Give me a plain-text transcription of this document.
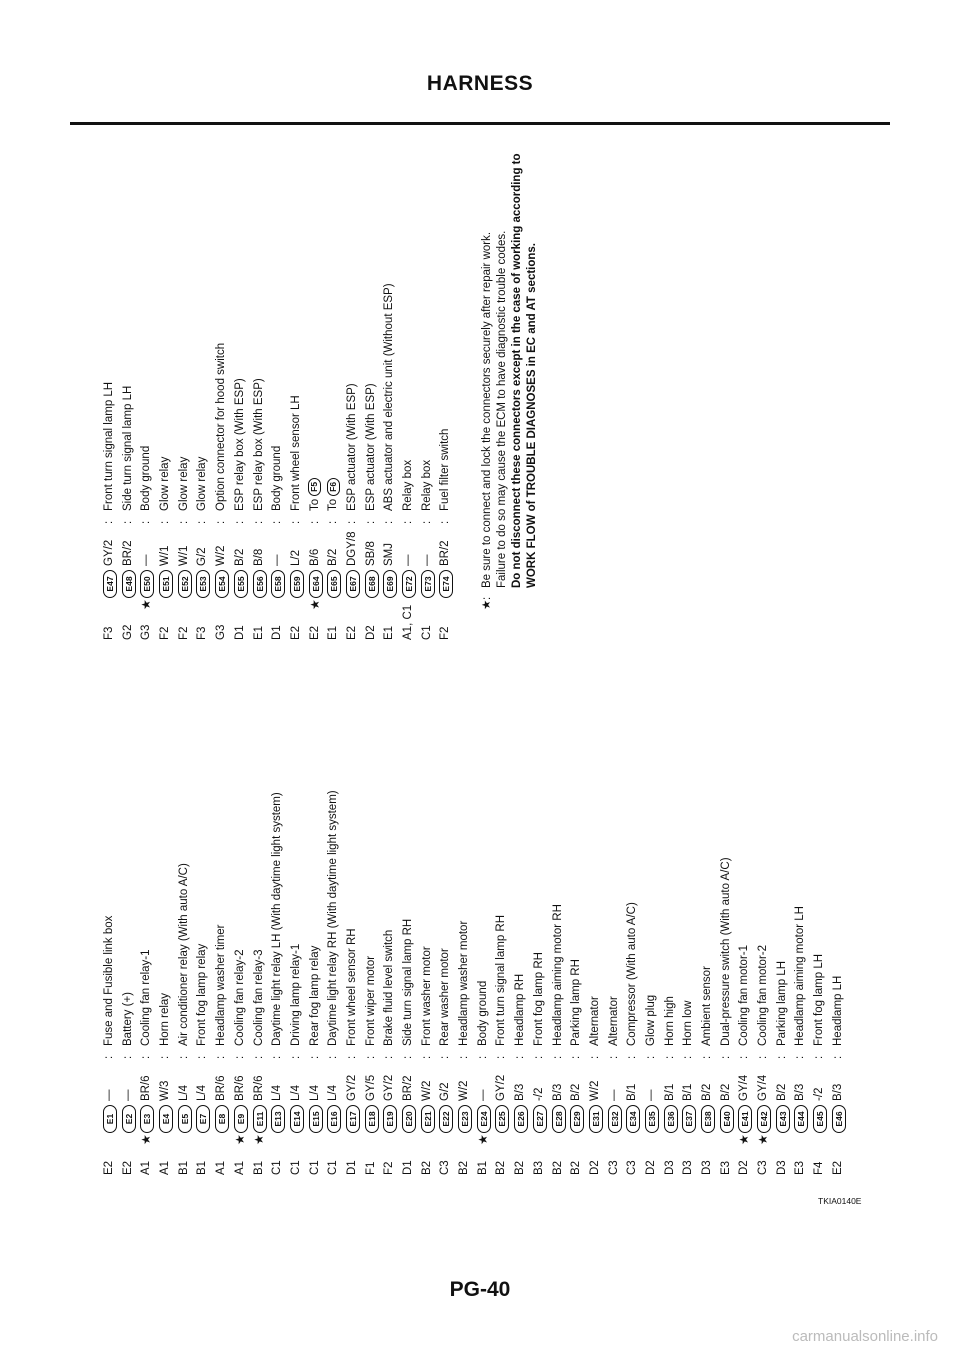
HARNESS
E2
E1
—
:
Fuse and Fusible link box
E2
E2
—
:
Battery (+)
A1
★
E3
BR/6
:
Cooling fan relay-1
A1
E4
W/3
:
Horn relay
B1
E5
L/4
:
Air conditioner relay (With auto A/C)
B1
E7
L/4
:
Front fog lamp relay
A1
E8
BR/6
:
Headlamp washer timer
A1
★
E9
BR/6
:
Cooling fan relay-2
B1
★
E11
BR/6
:
Cooling fan relay-3
C1
E13
L/4
:
Daytime light relay LH (With daytime light system)
C1
E14
L/4
:
Driving lamp relay-1
C1
E15
L/4
:
Rear fog lamp relay
C1
E16
L/4
:
Daytime light relay RH (With daytime light system)
D1
E17
GY/2
:
Front wheel sensor RH
F1
E18
GY/5
:
Front wiper motor
F2
E19
GY/2
:
Brake fluid level switch
D1
E20
BR/2
:
Side turn signal lamp RH
B2
E21
W/2
:
Front washer motor
C3
E22
G/2
:
Rear washer motor
B2
E23
W/2
:
Headlamp washer motor
B1
★
E24
—
:
Body ground
B2
E25
GY/2
:
Front turn signal lamp RH
B2
E26
B/3
:
Headlamp RH
B3
E27
-/2
:
Front fog lamp RH
B2
E28
B/3
:
Headlamp aiming motor RH
B2
E29
B/2
:
Parking lamp RH
D2
E31
W/2
:
Alternator
C3
E32
—
:
Alternator
C3
E34
B/1
:
Compressor (With auto A/C)
D2
E35
—
:
Glow plug
D3
E36
B/1
:
Horn high
D3
E37
B/1
:
Horn low
D3
E38
B/2
:
Ambient sensor
E3
E40
B/2
:
Dual-pressure switch (With auto A/C)
D2
★
E41
GY/4
:
Cooling fan motor-1
C3
★
E42
GY/4
:
Cooling fan motor-2
D3
E43
B/2
:
Parking lamp LH
E3
E44
B/3
:
Headlamp aiming motor LH
F4
E45
-/2
:
Front fog lamp LH
E2
E46
B/3
:
Headlamp LH
F3
E47
GY/2
:
Front turn signal lamp LH
G2
E48
BR/2
:
Side turn signal lamp LH
G3
★
E50
—
:
Body ground
F2
E51
W/1
:
Glow relay
F2
E52
W/1
:
Glow relay
F3
E53
G/2
:
Glow relay
G3
E54
W/2
:
Option connector for hood switch
D1
E55
B/2
:
ESP relay box (With ESP)
E1
E56
B/8
:
ESP relay box (With ESP)
D1
E58
—
:
Body ground
E2
E59
L/2
:
Front wheel sensor LH
E2
★
E64
B/6
:
ToF5
E1
E65
B/2
:
ToF6
E2
E67
DGY/8
:
ESP actuator (With ESP)
D2
E68
SB/8
:
ESP actuator (With ESP)
E1
E69
SMJ
:
ABS actuator and electric unit (Without ESP)
A1, C1
E72
—
:
Relay box
C1
E73
—
:
Relay box
F2
E74
BR/2
:
Fuel filter switch
★
:
Be sure to connect and lock the connectors securely after repair work. Failure to do so may cause the ECM to have diagnostic trouble codes. Do not disconnect these connectors except in the case of working according to WORK FLOW of TROUBLE DIAGNOSES in EC and AT sections.
TKIA0140E
PG-40
carmanualsonline.info
